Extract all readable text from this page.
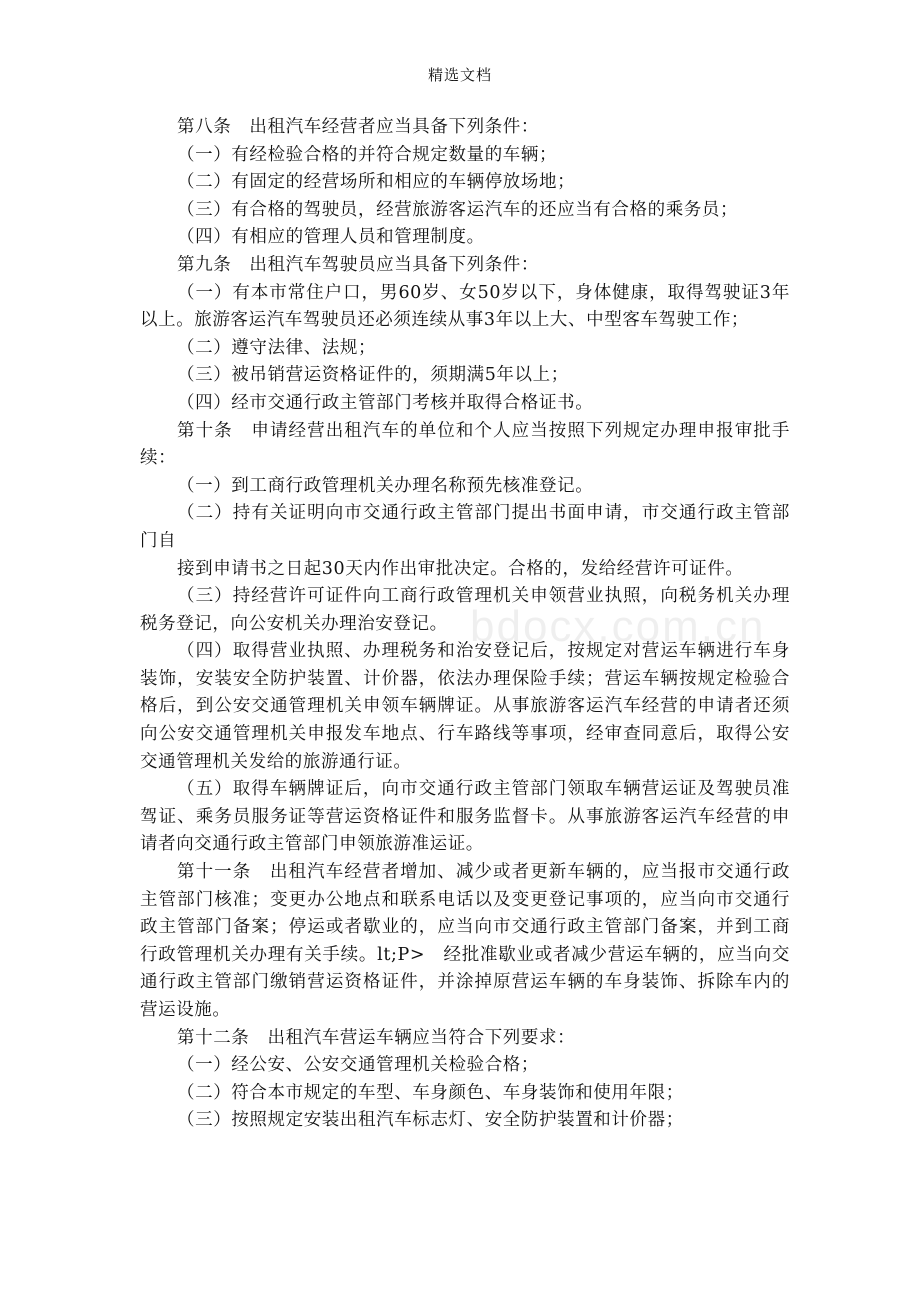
精选文档
bdocx.com.cn

第八条　出租汽车经营者应当具备下列条件：

（一）有经检验合格的并符合规定数量的车辆；

（二）有固定的经营场所和相应的车辆停放场地；

（三）有合格的驾驶员，经营旅游客运汽车的还应当有合格的乘务员；

（四）有相应的管理人员和管理制度。

第九条　出租汽车驾驶员应当具备下列条件：

（一）有本市常住户口，男60岁、女50岁以下，身体健康，取得驾驶证3年以上。旅游客运汽车驾驶员还必须连续从事3年以上大、中型客车驾驶工作；

（二）遵守法律、法规；

（三）被吊销营运资格证件的，须期满5年以上；

（四）经市交通行政主管部门考核并取得合格证书。

第十条　申请经营出租汽车的单位和个人应当按照下列规定办理申报审批手续：

（一）到工商行政管理机关办理名称预先核准登记。

（二）持有关证明向市交通行政主管部门提出书面申请，市交通行政主管部门自

接到申请书之日起30天内作出审批决定。合格的，发给经营许可证件。

（三）持经营许可证件向工商行政管理机关申领营业执照，向税务机关办理税务登记，向公安机关办理治安登记。

（四）取得营业执照、办理税务和治安登记后，按规定对营运车辆进行车身装饰，安装安全防护装置、计价器，依法办理保险手续；营运车辆按规定检验合格后，到公安交通管理机关申领车辆牌证。从事旅游客运汽车经营的申请者还须向公安交通管理机关申报发车地点、行车路线等事项，经审查同意后，取得公安交通管理机关发给的旅游通行证。

（五）取得车辆牌证后，向市交通行政主管部门领取车辆营运证及驾驶员准驾证、乘务员服务证等营运资格证件和服务监督卡。从事旅游客运汽车经营的申请者向交通行政主管部门申领旅游准运证。

第十一条　出租汽车经营者增加、减少或者更新车辆的，应当报市交通行政主管部门核准；变更办公地点和联系电话以及变更登记事项的，应当向市交通行政主管部门备案；停运或者歇业的，应当向市交通行政主管部门备案，并到工商行政管理机关办理有关手续。lt;P>　经批准歇业或者减少营运车辆的，应当向交通行政主管部门缴销营运资格证件，并涂掉原营运车辆的车身装饰、拆除车内的营运设施。

第十二条　出租汽车营运车辆应当符合下列要求：

（一）经公安、公安交通管理机关检验合格；

（二）符合本市规定的车型、车身颜色、车身装饰和使用年限；

（三）按照规定安装出租汽车标志灯、安全防护装置和计价器；
